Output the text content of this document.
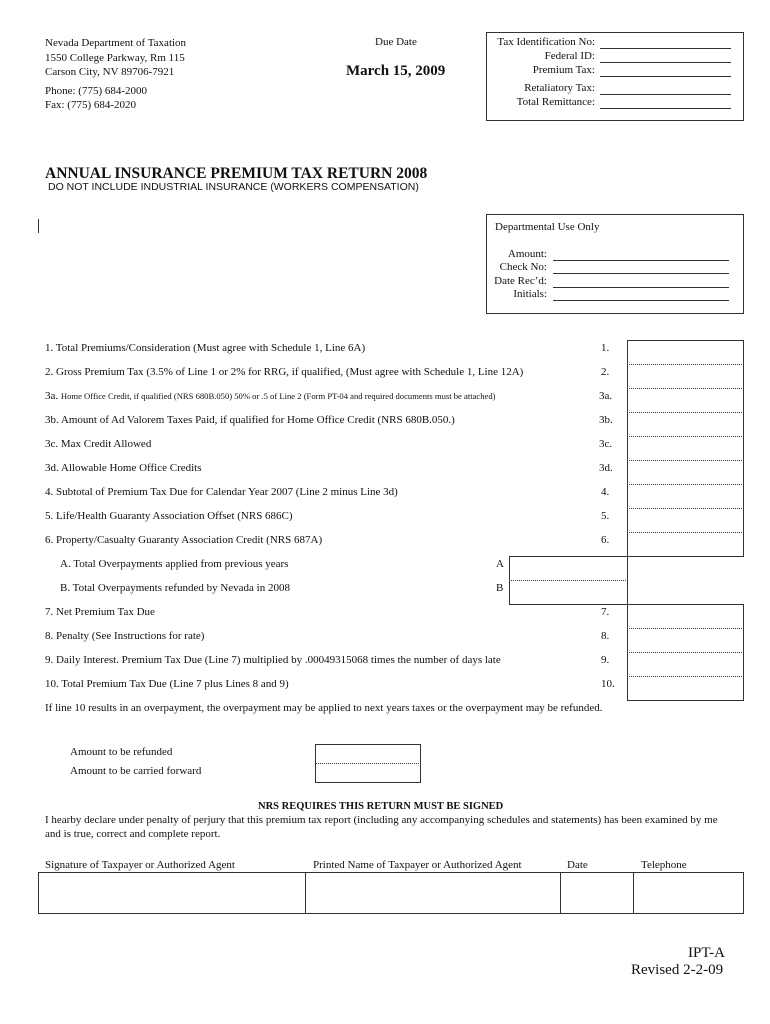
Nevada Department of Taxation
1550 College Parkway, Rm 115
Carson City, NV 89706-7921
Phone: (775) 684-2000
Fax: (775) 684-2020
Due Date
March 15, 2009
Tax Identification No:
Federal ID:
Premium Tax:
Retaliatory Tax:
Total Remittance:
ANNUAL INSURANCE PREMIUM TAX RETURN 2008
DO NOT INCLUDE INDUSTRIAL INSURANCE (WORKERS COMPENSATION)
Departmental Use Only
Amount:
Check No:
Date Rec’d:
Initials:
1. Total Premiums/Consideration (Must agree with Schedule 1, Line 6A)	1.
2. Gross Premium Tax (3.5% of Line 1 or 2% for RRG, if qualified, (Must agree with Schedule 1, Line 12A)	2.
3a. Home Office Credit, if qualified (NRS 680B.050) 50% or .5 of Line 2 (Form PT-04 and required documents must be attached)	3a.
3b. Amount of Ad Valorem Taxes Paid, if qualified for Home Office Credit (NRS 680B.050.)	3b.
3c. Max Credit Allowed	3c.
3d. Allowable Home Office Credits	3d.
4. Subtotal of Premium Tax Due for Calendar Year 2007 (Line 2 minus Line 3d)	4.
5. Life/Health Guaranty Association Offset (NRS 686C)	5.
6. Property/Casualty Guaranty Association Credit (NRS 687A)	6.
A. Total Overpayments applied from previous years	A
B. Total Overpayments refunded by Nevada in 2008	B
7. Net Premium Tax Due	7.
8. Penalty (See Instructions for rate)	8.
9. Daily Interest. Premium Tax Due (Line 7) multiplied by .00049315068 times the number of days late	9.
10. Total Premium Tax Due (Line 7 plus Lines 8 and 9)	10.
If line 10 results in an overpayment, the overpayment may be applied to next years taxes or the overpayment may be refunded.
Amount to be refunded
Amount to be carried forward
NRS REQUIRES THIS RETURN MUST BE SIGNED
I hearby declare under penalty of perjury that this premium tax report (including any accompanying schedules and statements) has been examined by me and is true, correct and complete report.
Signature of Taxpayer or Authorized Agent	Printed Name of Taxpayer or Authorized Agent	Date	Telephone
IPT-A
Revised 2-2-09
